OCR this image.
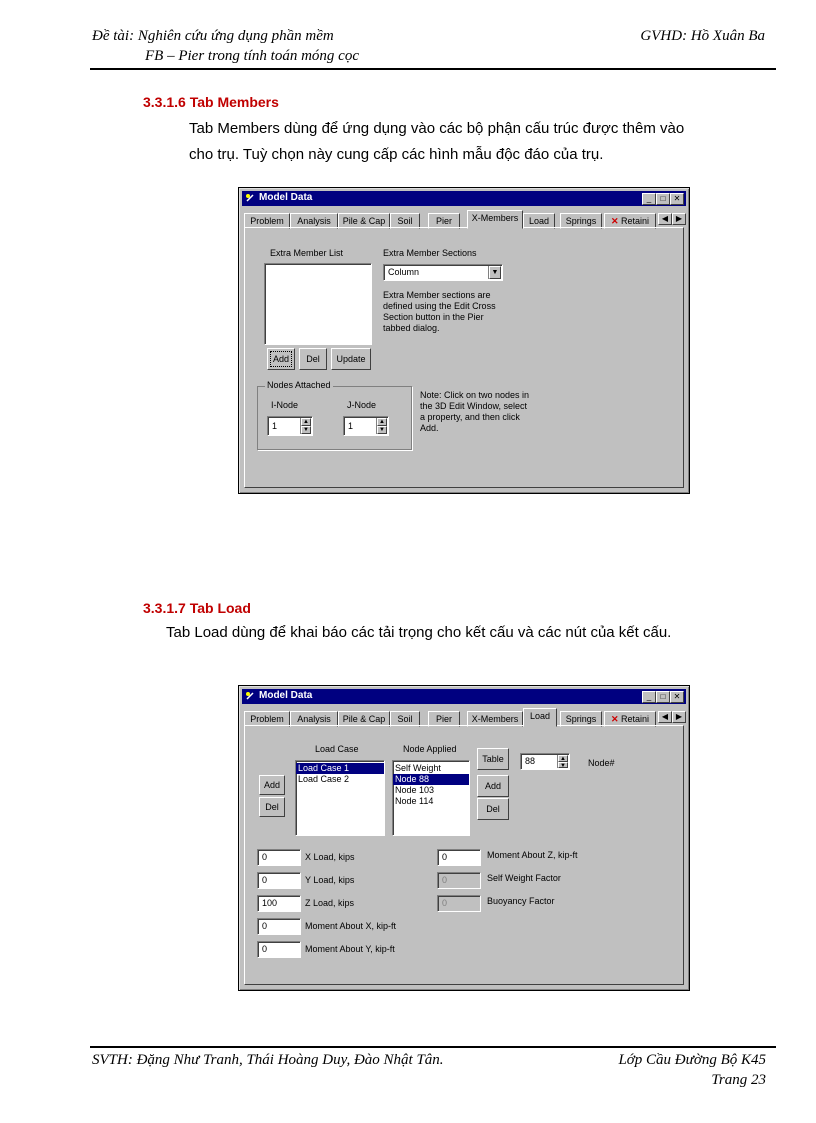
Đề tài: Nghiên cứu ứng dụng phần mềm
FB – Pier trong tính toán móng cọc
GVHD: Hồ Xuân Ba
3.3.1.6 Tab Members
Tab Members dùng để ứng dụng vào các bộ phận cấu trúc được thêm vào
cho trụ. Tuỳ chọn này cung cấp các hình mẫu độc đáo của trụ.
Model Data	_	□	✕
Problem	Analysis	Pile & Cap	Soil	Pier	X-Members	Load	Springs	✕ Retaini	◀ ▶
Extra Member List
Add	Del	Update
Extra Member Sections
Column	▼
Extra Member sections are
defined using the Edit Cross
Section button in the Pier
tabbed dialog.
Nodes Attached
I-Node	J-Node
1	▲
▼	1	▲
▼
Note: Click on two nodes in
the 3D Edit Window, select
a property, and then click
Add.
3.3.1.7 Tab Load
Tab Load dùng để khai báo các tải trọng cho kết cấu và các nút của kết cấu.
Model Data	_	□	✕
Problem	Analysis	Pile & Cap	Soil	Pier	X-Members	Load	Springs	✕ Retaini	◀ ▶
Load Case	Node Applied
Add
Del
Load Case 1
Load Case 2
Self Weight
Node 88
Node 103
Node 114
Table
Add
Del
88	▲
▼ Node#
0	X Load, kips
0	Y Load, kips
100	Z Load, kips
0	Moment About X, kip-ft
0	Moment About Y, kip-ft
0	Moment About Z, kip-ft
0	Self Weight Factor
0	Buoyancy Factor
SVTH: Đặng Như Tranh, Thái Hoàng Duy, Đào Nhật Tân.	Lớp Cầu Đường Bộ K45
Trang 23
